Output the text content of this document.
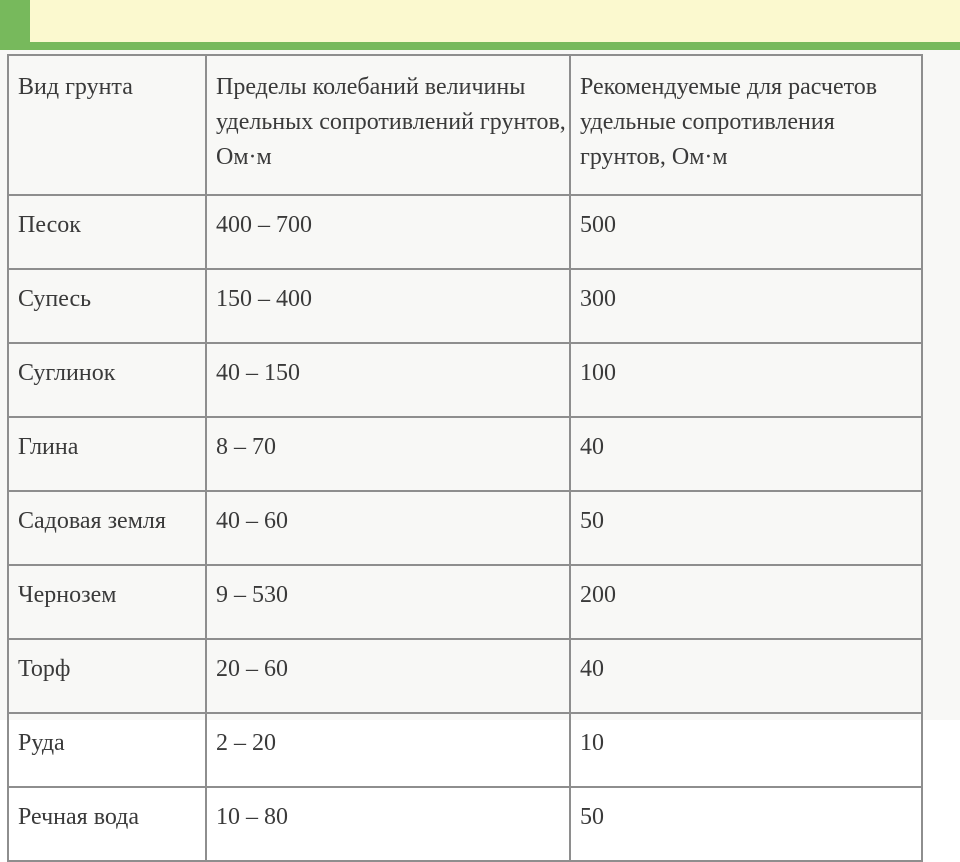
Вид грунта	Пределы колебаний величины удельных сопротивлений грунтов, Ом·м	Рекомендуемые для расчетов удельные сопротивления грунтов, Ом·м
Песок	400 – 700	500
Супесь	150 – 400	300
Суглинок	40 – 150	100
Глина	8 – 70	40
Садовая земля	40 – 60	50
Чернозем	9 – 530	200
Торф	20 – 60	40
Руда	2 – 20	10
Речная вода	10 – 80	50
